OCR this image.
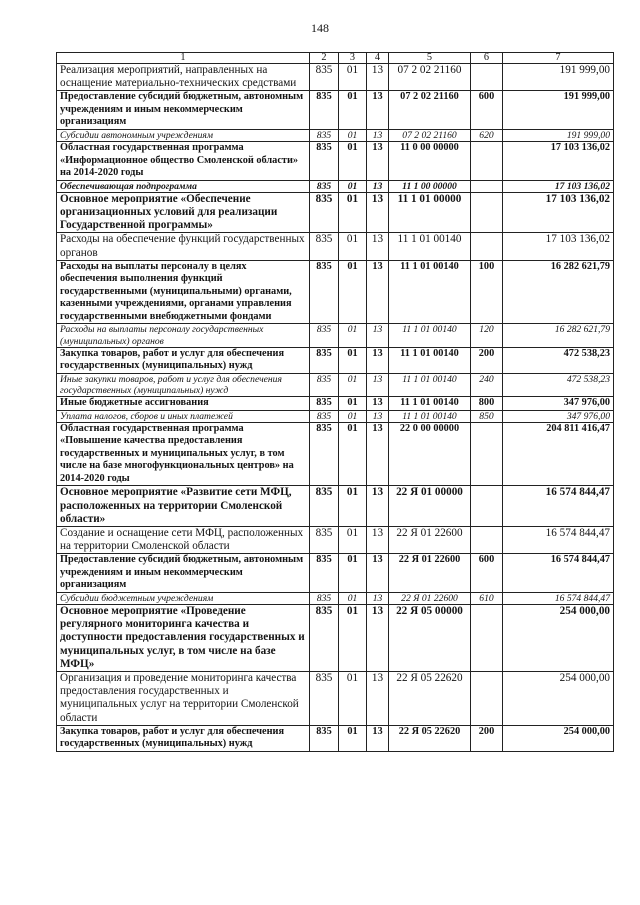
148
1	2	3	4	5	6	7
Реализация мероприятий, направленных на оснащение материально-технических средствами	835	01	13	07 2 02 21160		191 999,00
Предоставление субсидий бюджетным, автономным учреждениям и иным некоммерческим организациям	835	01	13	07 2 02 21160	600	191 999,00
Субсидии автономным учреждениям	835	01	13	07 2 02 21160	620	191 999,00
Областная государственная программа «Информационное общество Смоленской области» на 2014-2020 годы	835	01	13	11 0 00 00000		17 103 136,02
Обеспечивающая подпрограмма	835	01	13	11 1 00 00000		17 103 136,02
Основное мероприятие «Обеспечение организационных условий для реализации Государственной программы»	835	01	13	11 1 01 00000		17 103 136,02
Расходы на обеспечение функций государственных органов	835	01	13	11 1 01 00140		17 103 136,02
Расходы на выплаты персоналу в целях обеспечения выполнения функций государственными (муниципальными) органами, казенными учреждениями, органами управления государственными внебюджетными фондами	835	01	13	11 1 01 00140	100	16 282 621,79
Расходы на выплаты персоналу государственных (муниципальных) органов	835	01	13	11 1 01 00140	120	16 282 621,79
Закупка товаров, работ и услуг для обеспечения государственных (муниципальных) нужд	835	01	13	11 1 01 00140	200	472 538,23
Иные закупки товаров, работ и услуг для обеспечения государственных (муниципальных) нужд	835	01	13	11 1 01 00140	240	472 538,23
Иные бюджетные ассигнования	835	01	13	11 1 01 00140	800	347 976,00
Уплата налогов, сборов и иных платежей	835	01	13	11 1 01 00140	850	347 976,00
Областная государственная программа «Повышение качества предоставления государственных и муниципальных услуг, в том числе на базе многофункциональных центров» на 2014-2020 годы	835	01	13	22 0 00 00000		204 811 416,47
Основное мероприятие «Развитие сети МФЦ, расположенных на территории Смоленской области»	835	01	13	22 Я 01 00000		16 574 844,47
Создание и оснащение сети МФЦ, расположенных на территории Смоленской области	835	01	13	22 Я 01 22600		16 574 844,47
Предоставление субсидий бюджетным, автономным учреждениям и иным некоммерческим организациям	835	01	13	22 Я 01 22600	600	16 574 844,47
Субсидии бюджетным учреждениям	835	01	13	22 Я 01 22600	610	16 574 844,47
Основное мероприятие «Проведение регулярного мониторинга качества и доступности предоставления государственных и муниципальных услуг, в том числе на базе МФЦ»	835	01	13	22 Я 05 00000		254 000,00
Организация и проведение мониторинга качества предоставления государственных и муниципальных услуг на территории Смоленской области	835	01	13	22 Я 05 22620		254 000,00
Закупка товаров, работ и услуг для обеспечения государственных (муниципальных) нужд	835	01	13	22 Я 05 22620	200	254 000,00
